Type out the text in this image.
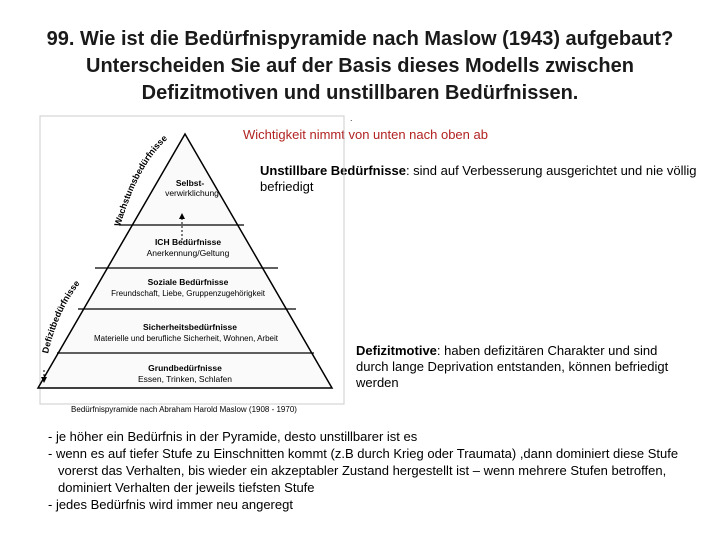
99. Wie ist die Bedürfnispyramide nach Maslow (1943) aufgebaut? Unterscheiden Sie auf der Basis dieses Modells zwischen Defizitmotiven und unstillbaren Bedürfnissen.
.
Wichtigkeit nimmt von unten nach oben ab
Unstillbare Bedürfnisse: sind auf Verbesserung ausgerichtet und nie völlig befriedigt
Defizitmotive: haben defizitären Charakter und sind durch lange Deprivation entstanden, können befriedigt werden
Selbst-
verwirklichung
ICH Bedürfnisse
Anerkennung/Geltung
Soziale Bedürfnisse
Freundschaft, Liebe, Gruppenzugehörigkeit
Sicherheitsbedürfnisse
Materielle und berufliche Sicherheit, Wohnen, Arbeit
Grundbedürfnisse
Essen, Trinken, Schlafen
Wachstumsbedürfnisse
Defizitbedürfnisse
Bedürfnispyramide nach Abraham Harold Maslow (1908 - 1970)
- je höher ein Bedürfnis in der Pyramide, desto unstillbarer ist es
- wenn es auf tiefer Stufe zu Einschnitten kommt (z.B durch Krieg oder Traumata) ,dann dominiert diese Stufe vorerst das Verhalten, bis wieder ein akzeptabler Zustand hergestellt ist – wenn mehrere Stufen betroffen, dominiert Verhalten der jeweils tiefsten Stufe
- jedes Bedürfnis wird immer neu angeregt
